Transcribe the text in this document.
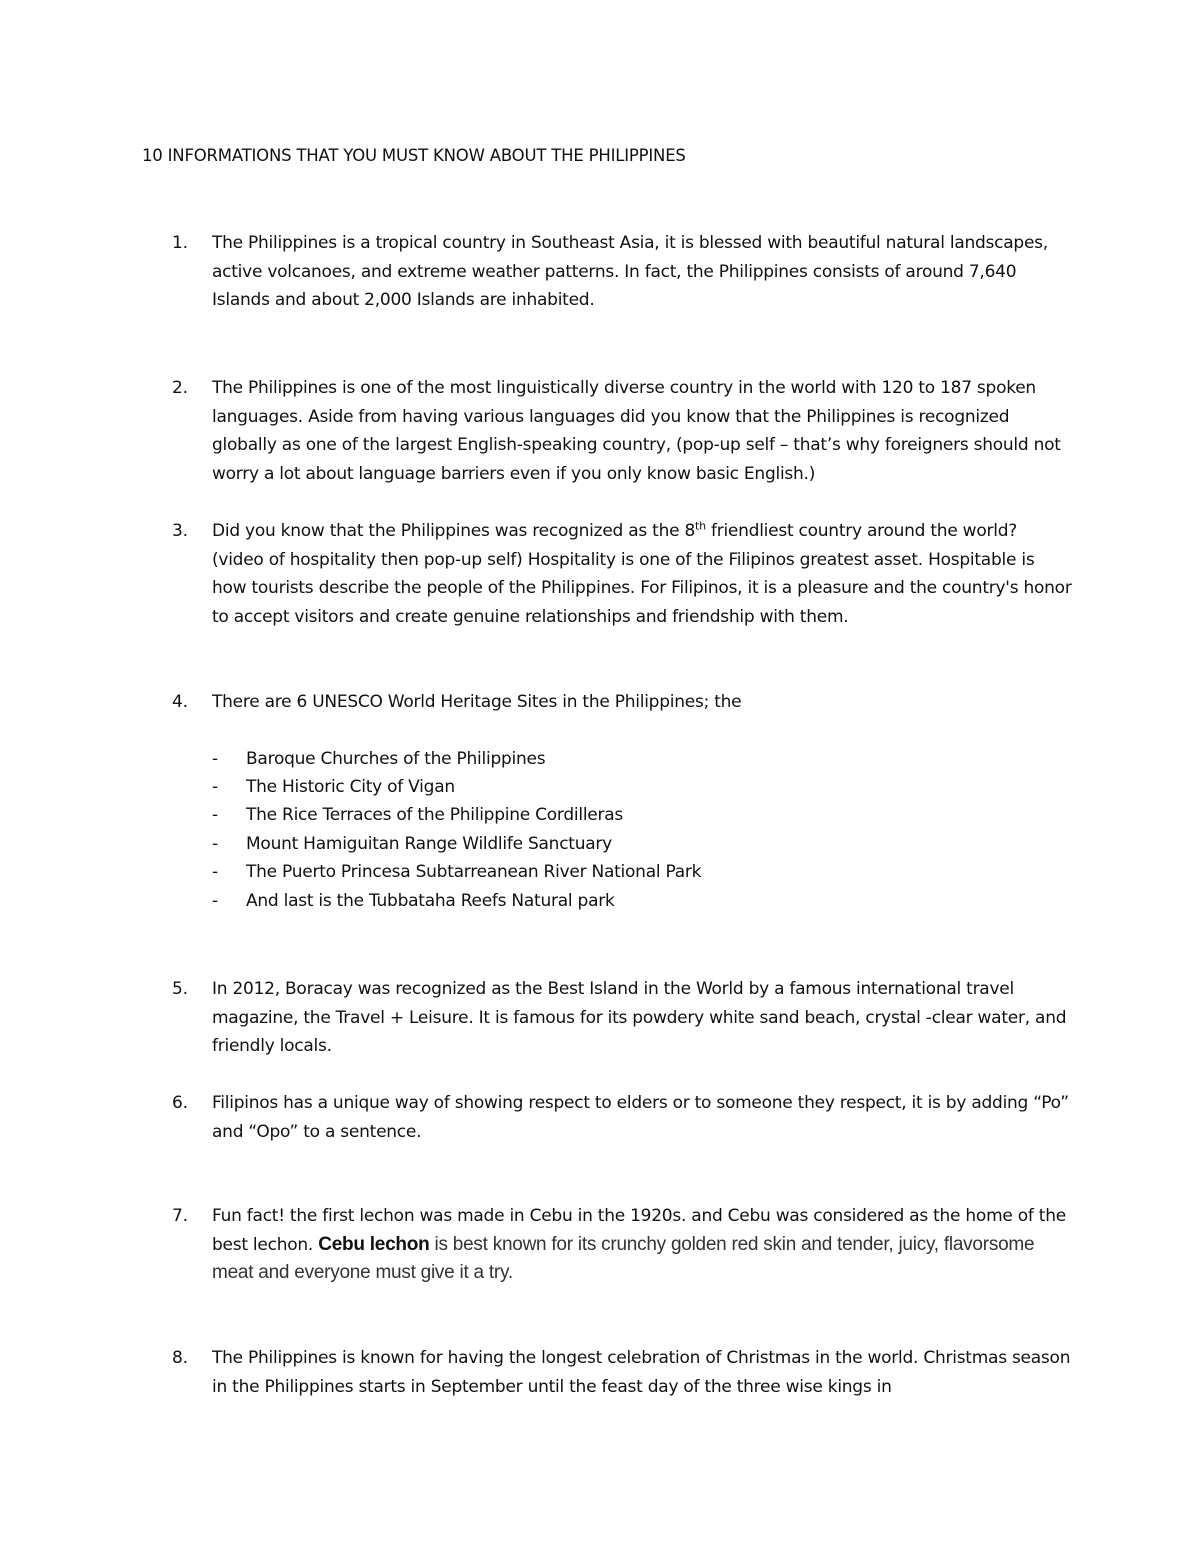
10 INFORMATIONS THAT YOU MUST KNOW ABOUT THE PHILIPPINES
1.	The Philippines is a tropical country in Southeast Asia, it is blessed with beautiful natural landscapes, active volcanoes, and extreme weather patterns. In fact, the Philippines consists of around 7,640 Islands and about 2,000 Islands are inhabited.
2.	The Philippines is one of the most linguistically diverse country in the world with 120 to 187 spoken languages. Aside from having various languages did you know that the Philippines is recognized globally as one of the largest English-speaking country, (pop-up self – that’s why foreigners should not worry a lot about language barriers even if you only know basic English.)
3.	Did you know that the Philippines was recognized as the 8th friendliest country around the world? (video of hospitality then pop-up self) Hospitality is one of the Filipinos greatest asset. Hospitable is how tourists describe the people of the Philippines. For Filipinos, it is a pleasure and the country's honor to accept visitors and create genuine relationships and friendship with them.
4.	There are 6 UNESCO World Heritage Sites in the Philippines; the
- Baroque Churches of the Philippines
- The Historic City of Vigan
- The Rice Terraces of the Philippine Cordilleras
- Mount Hamiguitan Range Wildlife Sanctuary
- The Puerto Princesa Subtarreanean River National Park
- And last is the Tubbataha Reefs Natural park
5.	In 2012, Boracay was recognized as the Best Island in the World by a famous international travel magazine, the Travel + Leisure. It is famous for its powdery white sand beach, crystal -clear water, and friendly locals.
6.	Filipinos has a unique way of showing respect to elders or to someone they respect, it is by adding “Po” and “Opo” to a sentence.
7.	Fun fact! the first lechon was made in Cebu in the 1920s. and Cebu was considered as the home of the best lechon. Cebu lechon is best known for its crunchy golden red skin and tender, juicy, flavorsome meat and everyone must give it a try.
8.	The Philippines is known for having the longest celebration of Christmas in the world. Christmas season in the Philippines starts in September until the feast day of the three wise kings in
